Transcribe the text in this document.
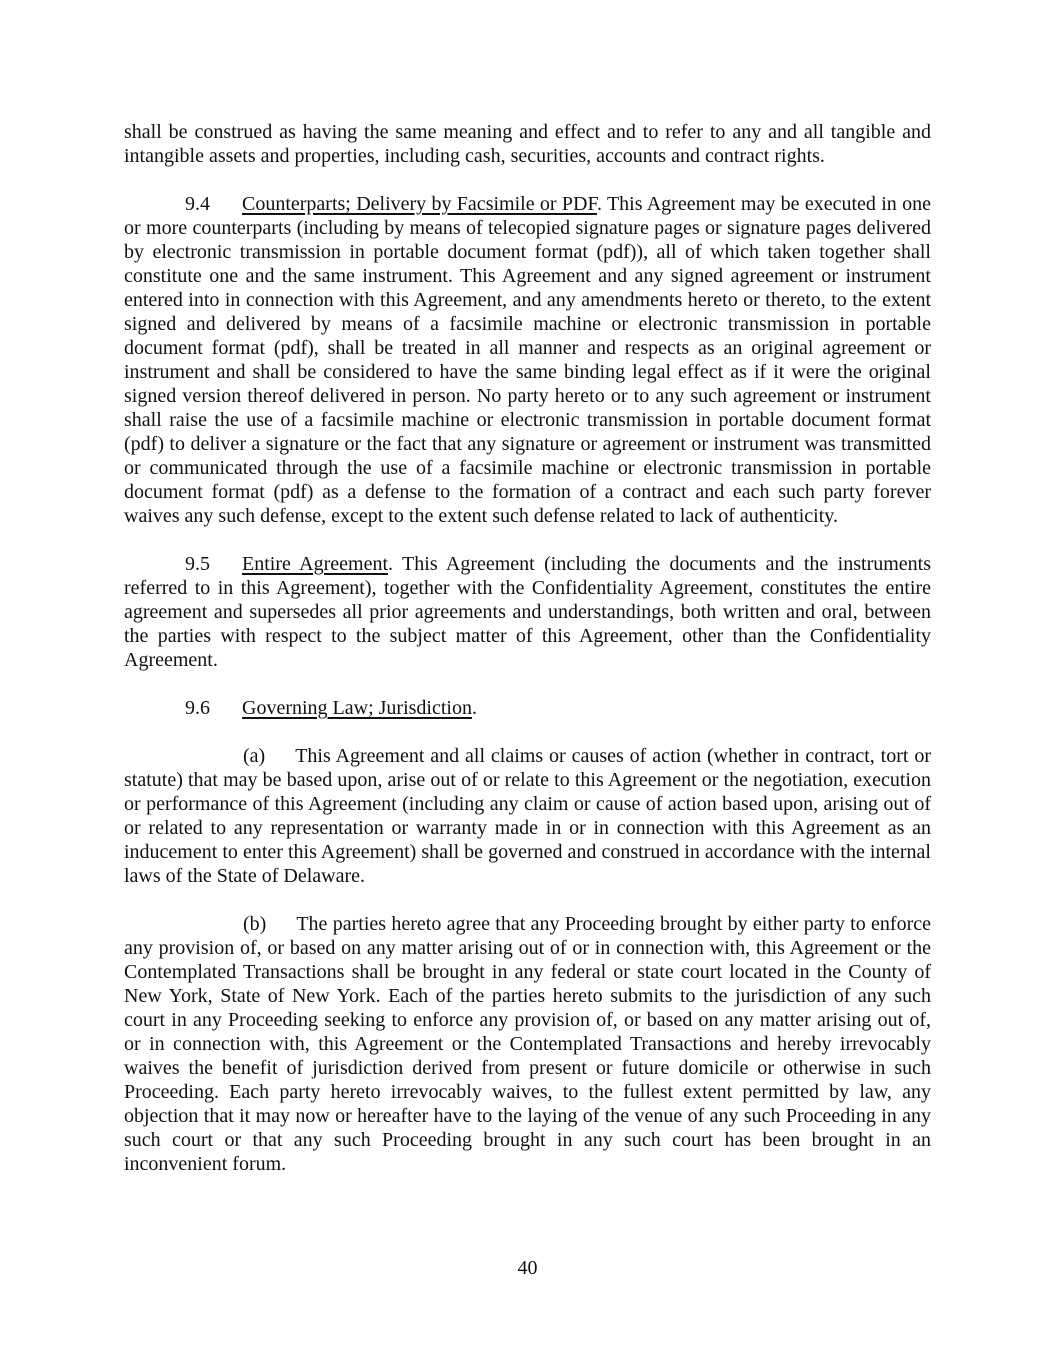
shall be construed as having the same meaning and effect and to refer to any and all tangible and intangible assets and properties, including cash, securities, accounts and contract rights.

9.4 Counterparts; Delivery by Facsimile or PDF. This Agreement may be executed in one or more counterparts (including by means of telecopied signature pages or signature pages delivered by electronic transmission in portable document format (pdf)), all of which taken together shall constitute one and the same instrument. This Agreement and any signed agreement or instrument entered into in connection with this Agreement, and any amendments hereto or thereto, to the extent signed and delivered by means of a facsimile machine or electronic transmission in portable document format (pdf), shall be treated in all manner and respects as an original agreement or instrument and shall be considered to have the same binding legal effect as if it were the original signed version thereof delivered in person. No party hereto or to any such agreement or instrument shall raise the use of a facsimile machine or electronic transmission in portable document format (pdf) to deliver a signature or the fact that any signature or agreement or instrument was transmitted or communicated through the use of a facsimile machine or electronic transmission in portable document format (pdf) as a defense to the formation of a contract and each such party forever waives any such defense, except to the extent such defense related to lack of authenticity.

9.5 Entire Agreement. This Agreement (including the documents and the instruments referred to in this Agreement), together with the Confidentiality Agreement, constitutes the entire agreement and supersedes all prior agreements and understandings, both written and oral, between the parties with respect to the subject matter of this Agreement, other than the Confidentiality Agreement.

9.6 Governing Law; Jurisdiction.

(a) This Agreement and all claims or causes of action (whether in contract, tort or statute) that may be based upon, arise out of or relate to this Agreement or the negotiation, execution or performance of this Agreement (including any claim or cause of action based upon, arising out of or related to any representation or warranty made in or in connection with this Agreement as an inducement to enter this Agreement) shall be governed and construed in accordance with the internal laws of the State of Delaware.

(b) The parties hereto agree that any Proceeding brought by either party to enforce any provision of, or based on any matter arising out of or in connection with, this Agreement or the Contemplated Transactions shall be brought in any federal or state court located in the County of New York, State of New York. Each of the parties hereto submits to the jurisdiction of any such court in any Proceeding seeking to enforce any provision of, or based on any matter arising out of, or in connection with, this Agreement or the Contemplated Transactions and hereby irrevocably waives the benefit of jurisdiction derived from present or future domicile or otherwise in such Proceeding. Each party hereto irrevocably waives, to the fullest extent permitted by law, any objection that it may now or hereafter have to the laying of the venue of any such Proceeding in any such court or that any such Proceeding brought in any such court has been brought in an inconvenient forum.

40
